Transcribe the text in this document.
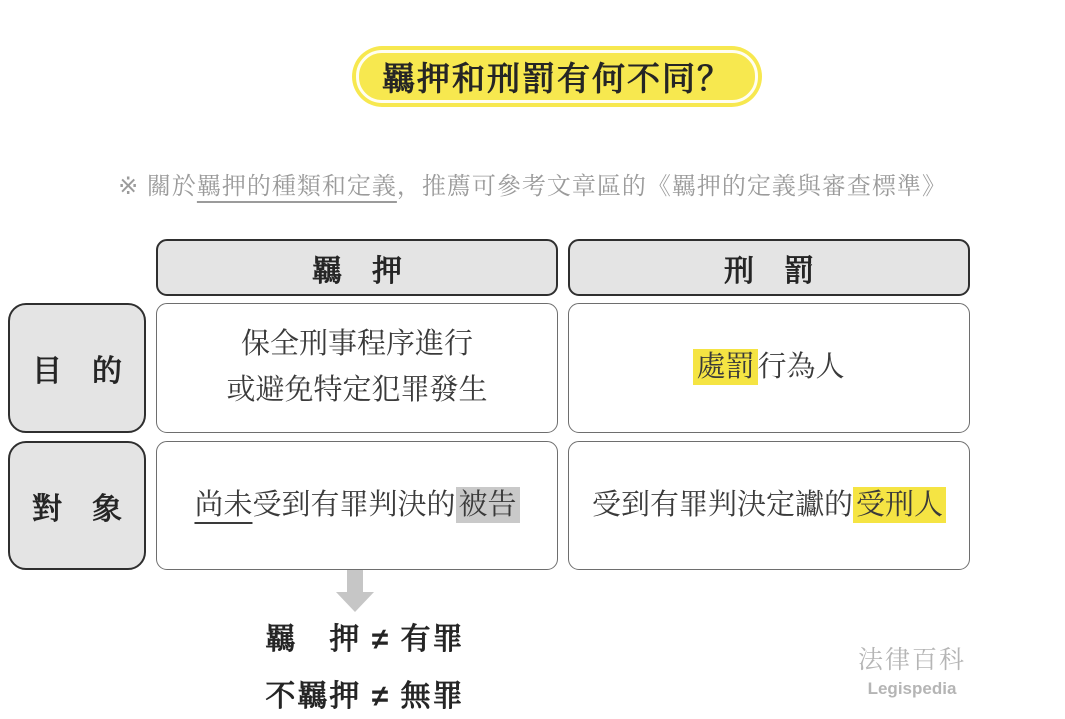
羈押和刑罰有何不同？
※ 關於羈押的種類和定義，推薦可參考文章區的《羈押的定義與審查標準》
羈　押	刑　罰
目　的
對　象
保全刑事程序進行
或避免特定犯罪發生
處罰 行為人
尚未受到有罪判決的 被告	受到有罪判決定讞的 受刑人
羈　押 ≠ 有罪
不羈押 ≠ 無罪
法律百科
Legispedia
